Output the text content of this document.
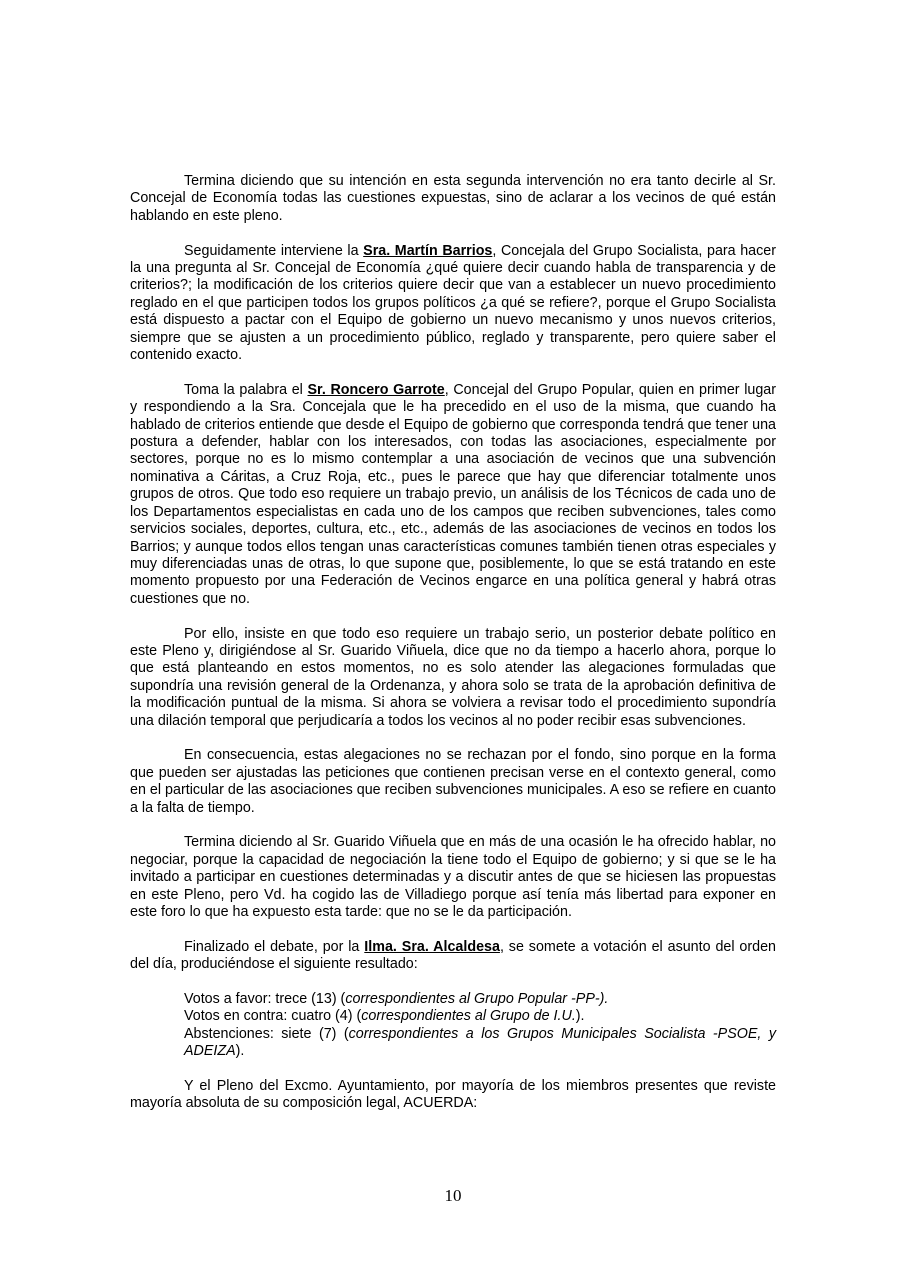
Termina diciendo que su intención en esta segunda intervención no era tanto decirle al Sr. Concejal de Economía todas las cuestiones expuestas, sino de aclarar a los vecinos de qué están hablando en este pleno.

Seguidamente interviene la Sra. Martín Barrios, Concejala del Grupo Socialista, para hacer la una pregunta al Sr. Concejal de Economía ¿qué quiere decir cuando habla de transparencia y de criterios?; la modificación de los criterios quiere decir que van a establecer un nuevo procedimiento reglado en el que participen todos los grupos políticos ¿a qué se refiere?, porque el Grupo Socialista está dispuesto a pactar con el Equipo de gobierno un nuevo mecanismo y unos nuevos criterios, siempre que se ajusten a un procedimiento público, reglado y transparente, pero quiere saber el contenido exacto.

Toma la palabra el Sr. Roncero Garrote, Concejal del Grupo Popular, quien en primer lugar y respondiendo a la Sra. Concejala que le ha precedido en el uso de la misma, que cuando ha hablado de criterios entiende que desde el Equipo de gobierno que corresponda tendrá que tener una postura a defender, hablar con los interesados, con todas las asociaciones, especialmente por sectores, porque no es lo mismo contemplar a una asociación de vecinos que una subvención nominativa a Cáritas, a Cruz Roja, etc., pues le parece que hay que diferenciar totalmente unos grupos de otros. Que todo eso requiere un trabajo previo, un análisis de los Técnicos de cada uno de los Departamentos especialistas en cada uno de los campos que reciben subvenciones, tales como servicios sociales, deportes, cultura, etc., etc., además de las asociaciones de vecinos en todos los Barrios; y aunque todos ellos tengan unas características comunes también tienen otras especiales y muy diferenciadas unas de otras, lo que supone que, posiblemente, lo que se está tratando en este momento propuesto por una Federación de Vecinos engarce en una política general y habrá otras cuestiones que no.

Por ello, insiste en que todo eso requiere un trabajo serio, un posterior debate político en este Pleno y, dirigiéndose al Sr. Guarido Viñuela, dice que no da tiempo a hacerlo ahora, porque lo que está planteando en estos momentos, no es solo atender las alegaciones formuladas que supondría una revisión general de la Ordenanza, y ahora solo se trata de la aprobación definitiva de la modificación puntual de la misma. Si ahora se volviera a revisar todo el procedimiento supondría una dilación temporal que perjudicaría a todos los vecinos al no poder recibir esas subvenciones.

En consecuencia, estas alegaciones no se rechazan por el fondo, sino porque en la forma que pueden ser ajustadas las peticiones que contienen precisan verse en el contexto general, como en el particular de las asociaciones que reciben subvenciones municipales. A eso se refiere en cuanto a la falta de tiempo.

Termina diciendo al Sr. Guarido Viñuela que en más de una ocasión le ha ofrecido hablar, no negociar, porque la capacidad de negociación la tiene todo el Equipo de gobierno; y si que se le ha invitado a participar en cuestiones determinadas y a discutir antes de que se hiciesen las propuestas en este Pleno, pero Vd. ha cogido las de Villadiego porque así tenía más libertad para exponer en este foro lo que ha expuesto esta tarde: que no se le da participación.

Finalizado el debate, por la Ilma. Sra. Alcaldesa, se somete a votación el asunto del orden del día, produciéndose el siguiente resultado:

Votos a favor: trece (13) (correspondientes al Grupo Popular -PP-).
Votos en contra: cuatro (4) (correspondientes al Grupo de I.U.).
Abstenciones: siete (7) (correspondientes a los Grupos Municipales Socialista -PSOE, y ADEIZA).

Y el Pleno del Excmo. Ayuntamiento, por mayoría de los miembros presentes que reviste mayoría absoluta de su composición legal, ACUERDA:

10
